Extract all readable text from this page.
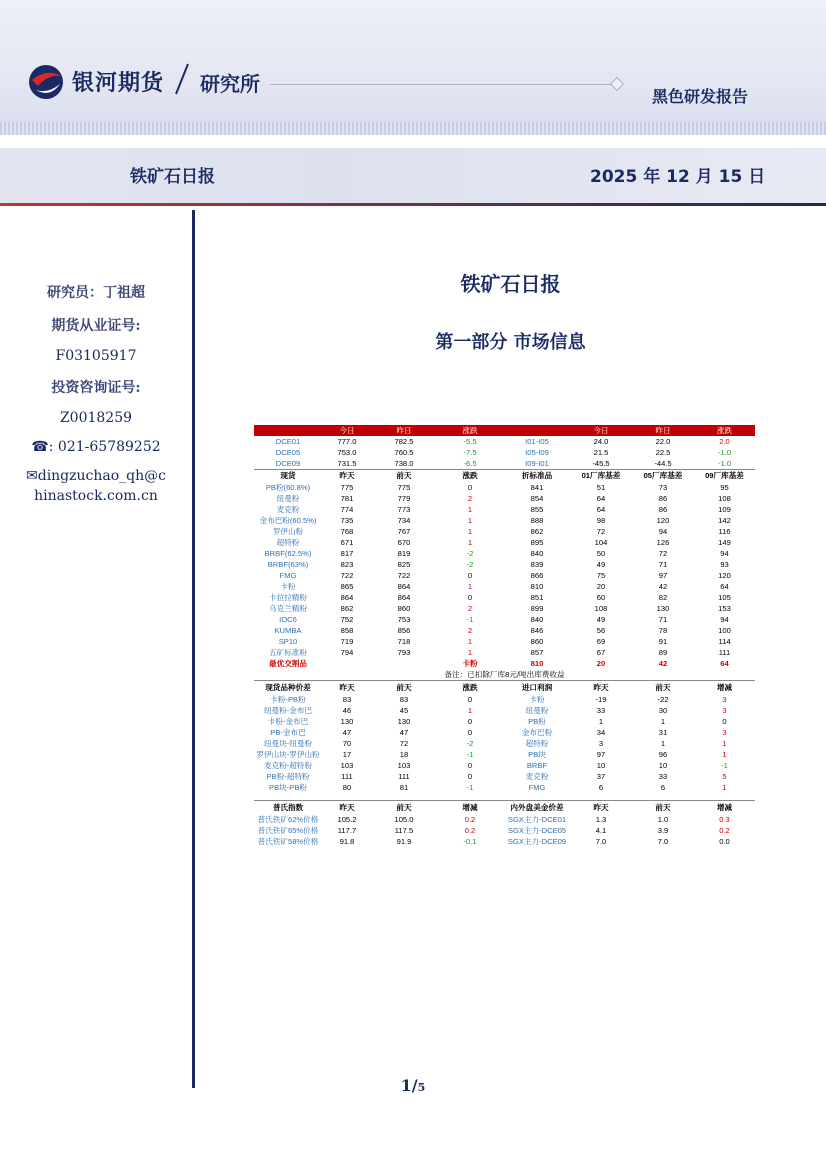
银河期货 研究所
黑色研发报告
铁矿石日报	2025 年 12 月 15 日
研究员：丁祖超
期货从业证号:
F03105917
投资咨询证号:
Z0018259
☎: 021-65789252
✉dingzuchao_qh@c
hinastock.com.cn
铁矿石日报
第一部分 市场信息
	今日	昨日	涨跌		今日	昨日	涨跌
DCE01	777.0	782.5	-5.5	I01-I05	24.0	22.0	2.0
DCE05	753.0	760.5	-7.5	I05-I09	21.5	22.5	-1.0
DCE09	731.5	738.0	-6.5	I09-I01	-45.5	-44.5	-1.0
现货	昨天	前天	涨跌	折标准品	01厂库基差	05厂库基差	09厂库基差
PB粉(60.8%)	775	775	0	841	51	73	95
纽曼粉	781	779	2	854	64	86	108
麦克粉	774	773	1	855	64	86	109
金布巴粉(60.5%)	735	734	1	888	98	120	142
罗伊山粉	768	767	1	862	72	94	116
超特粉	671	670	1	895	104	126	149
BRBF(62.5%)	817	819	-2	840	50	72	94
BRBF(63%)	823	825	-2	839	49	71	93
FMG	722	722	0	866	75	97	120
卡粉	865	864	1	810	20	42	64
卡拉拉精粉	864	864	0	851	60	82	105
乌克兰精粉	862	860	2	899	108	130	153
IOC6	752	753	-1	840	49	71	94
KUMBA	858	856	2	846	56	78	100
SP10	719	718	1	860	69	91	114
五矿标准粉	794	793	1	857	67	89	111
最优交割品			卡粉	810	20	42	64
备注：已扣除厂库8元/吨出库费收益							
现货品种价差	昨天	前天	涨跌	进口利润	昨天	前天	增减
卡粉-PB粉	83	83	0	卡粉	-19	-22	3
纽曼粉-金布巴	46	45	1	纽曼粉	33	30	3
卡粉-金布巴	130	130	0	PB粉	1	1	0
PB-金布巴	47	47	0	金布巴粉	34	31	3
纽曼块-纽曼粉	70	72	-2	超特粉	3	1	1
罗伊山块-罗伊山粉	17	18	-1	PB块	97	96	1
麦克粉-超特粉	103	103	0	BRBF	10	10	-1
PB粉-超特粉	111	111	0	麦克粉	37	33	5
PB块-PB粉	80	81	-1	FMG	6	6	1

普氏指数	昨天	前天	增减	内外盘美金价差	昨天	前天	增减
普氏铁矿62%价格	105.2	105.0	0.2	SGX主力-DCE01	1.3	1.0	0.3
普氏铁矿65%价格	117.7	117.5	0.2	SGX主力-DCE05	4.1	3.9	0.2
普氏铁矿58%价格	91.8	91.9	-0.1	SGX主力-DCE09	7.0	7.0	0.0
1/5
